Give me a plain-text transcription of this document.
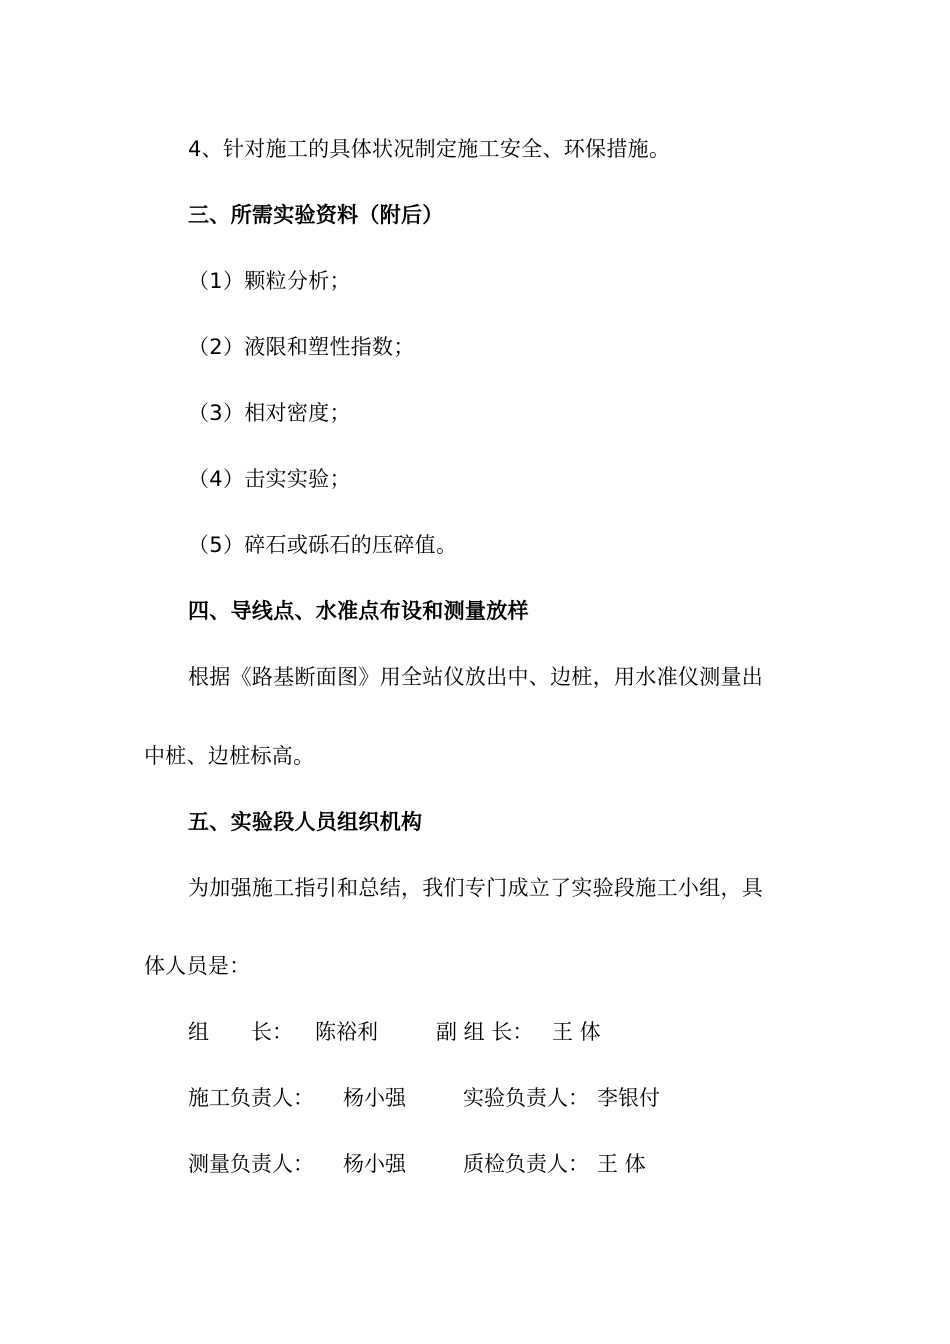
4、针对施工的具体状况制定施工安全、环保措施。
三、所需实验资料（附后）
（1）颗粒分析；
（2）液限和塑性指数；
（3）相对密度；
（4）击实实验；
（5）碎石或砾石的压碎值。
四、导线点、水准点布设和测量放样
根据《路基断面图》用全站仪放出中、边桩，用水准仪测量出
中桩、边桩标高。
五、实验段人员组织机构
为加强施工指引和总结，我们专门成立了实验段施工小组，具
体人员是：
组　　长： 陈裕利	副 组 长： 王 体
施工负责人： 杨小强	实验负责人： 李银付
测量负责人： 杨小强	质检负责人： 王 体
